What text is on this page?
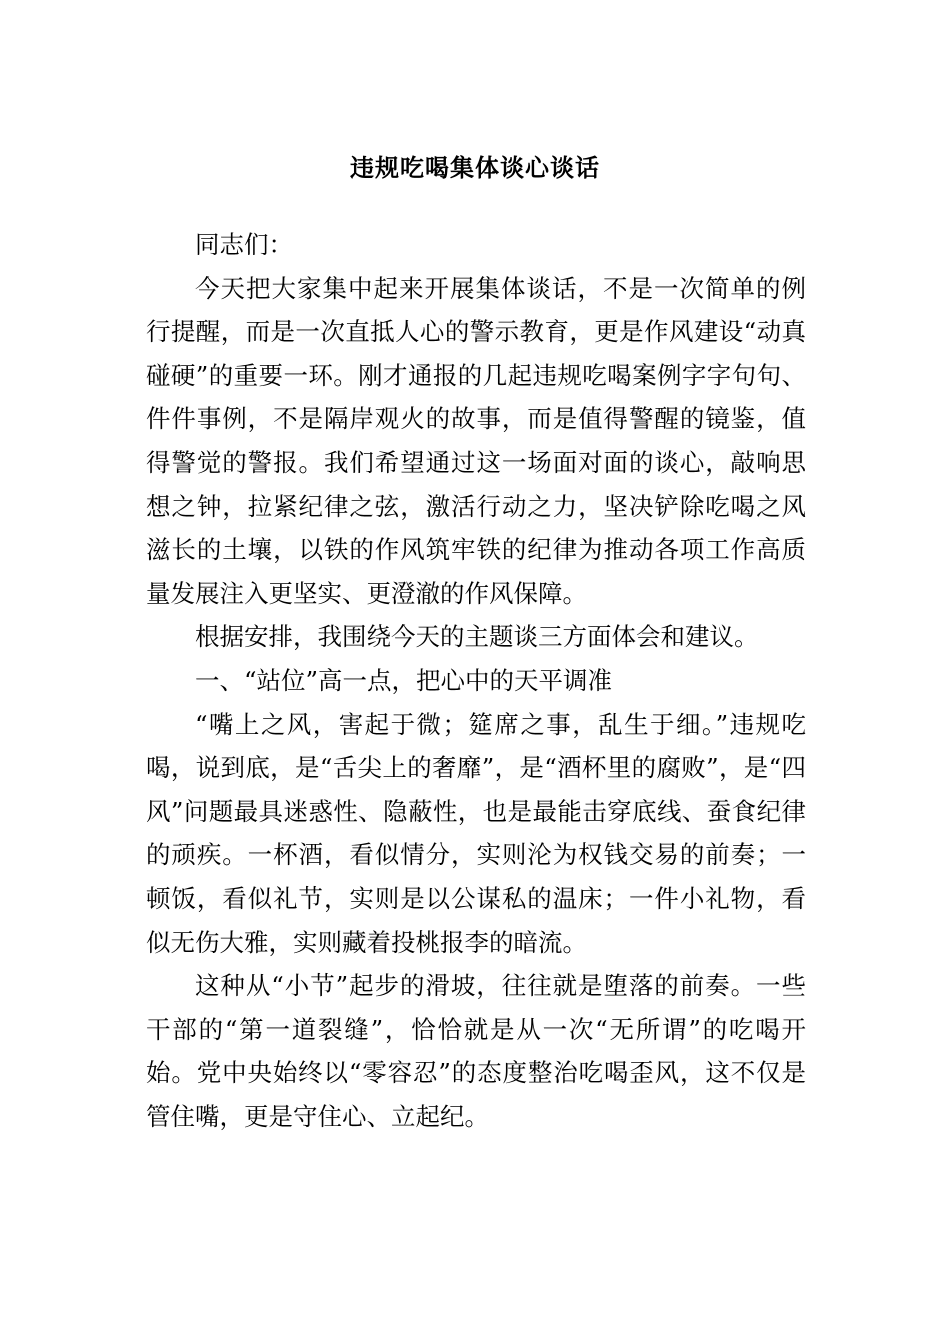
违规吃喝集体谈心谈话

同志们：

今天把大家集中起来开展集体谈话，不是一次简单的例行提醒，而是一次直抵人心的警示教育，更是作风建设“动真碰硬”的重要一环。刚才通报的几起违规吃喝案例字字句句、件件事例，不是隔岸观火的故事，而是值得警醒的镜鉴，值得警觉的警报。我们希望通过这一场面对面的谈心，敲响思想之钟，拉紧纪律之弦，激活行动之力，坚决铲除吃喝之风滋长的土壤，以铁的作风筑牢铁的纪律为推动各项工作高质量发展注入更坚实、更澄澈的作风保障。

根据安排，我围绕今天的主题谈三方面体会和建议。

一、“站位”高一点，把心中的天平调准

“嘴上之风，害起于微；筵席之事，乱生于细。”违规吃喝，说到底，是“舌尖上的奢靡”，是“酒杯里的腐败”，是“四风”问题最具迷惑性、隐蔽性，也是最能击穿底线、蚕食纪律的顽疾。一杯酒，看似情分，实则沦为权钱交易的前奏；一顿饭，看似礼节，实则是以公谋私的温床；一件小礼物，看似无伤大雅，实则藏着投桃报李的暗流。

这种从“小节”起步的滑坡，往往就是堕落的前奏。一些干部的“第一道裂缝”，恰恰就是从一次“无所谓”的吃喝开始。党中央始终以“零容忍”的态度整治吃喝歪风，这不仅是管住嘴，更是守住心、立起纪。
